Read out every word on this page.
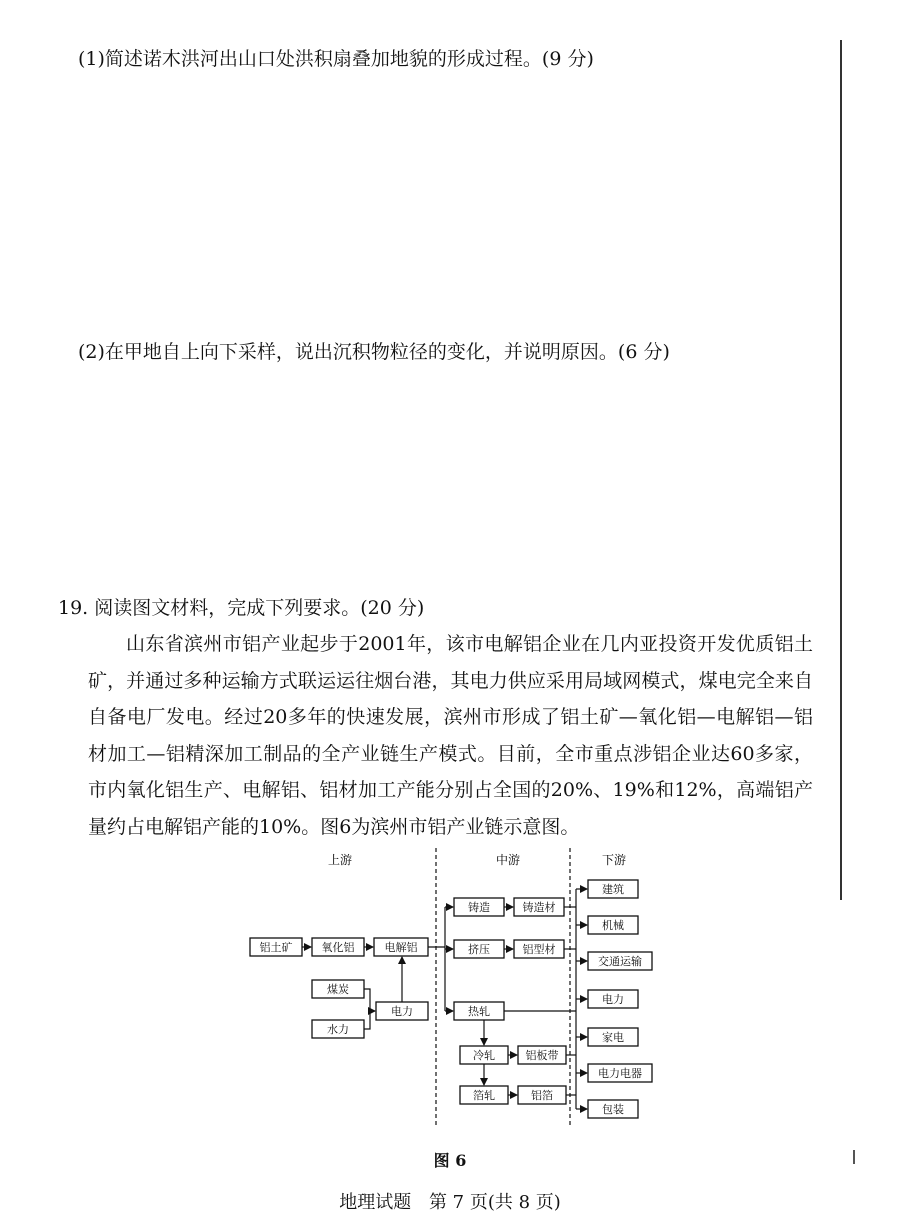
(1)简述诺木洪河出山口处洪积扇叠加地貌的形成过程。(9 分)
(2)在甲地自上向下采样，说出沉积物粒径的变化，并说明原因。(6 分)
19. 阅读图文材料，完成下列要求。(20 分)
山东省滨州市铝产业起步于2001年，该市电解铝企业在几内亚投资开发优质铝土矿，并通过多种运输方式联运运往烟台港，其电力供应采用局域网模式，煤电完全来自自备电厂发电。经过20多年的快速发展，滨州市形成了铝土矿—氧化铝—电解铝—铝材加工—铝精深加工制品的全产业链生产模式。目前，全市重点涉铝企业达60多家，市内氧化铝生产、电解铝、铝材加工产能分别占全国的20%、19%和12%，高端铝产量约占电解铝产能的10%。图6为滨州市铝产业链示意图。
上游	中游	下游
铝土矿	氧化铝	电解铝
煤炭
水力
电力
铸造	铸造材
挤压	铝型材
热轧
冷轧	铝板带
箔轧	铝箔
建筑
机械
交通运输
电力
家电
电力电器
包装
图 6
地理试题 第 7 页(共 8 页)
